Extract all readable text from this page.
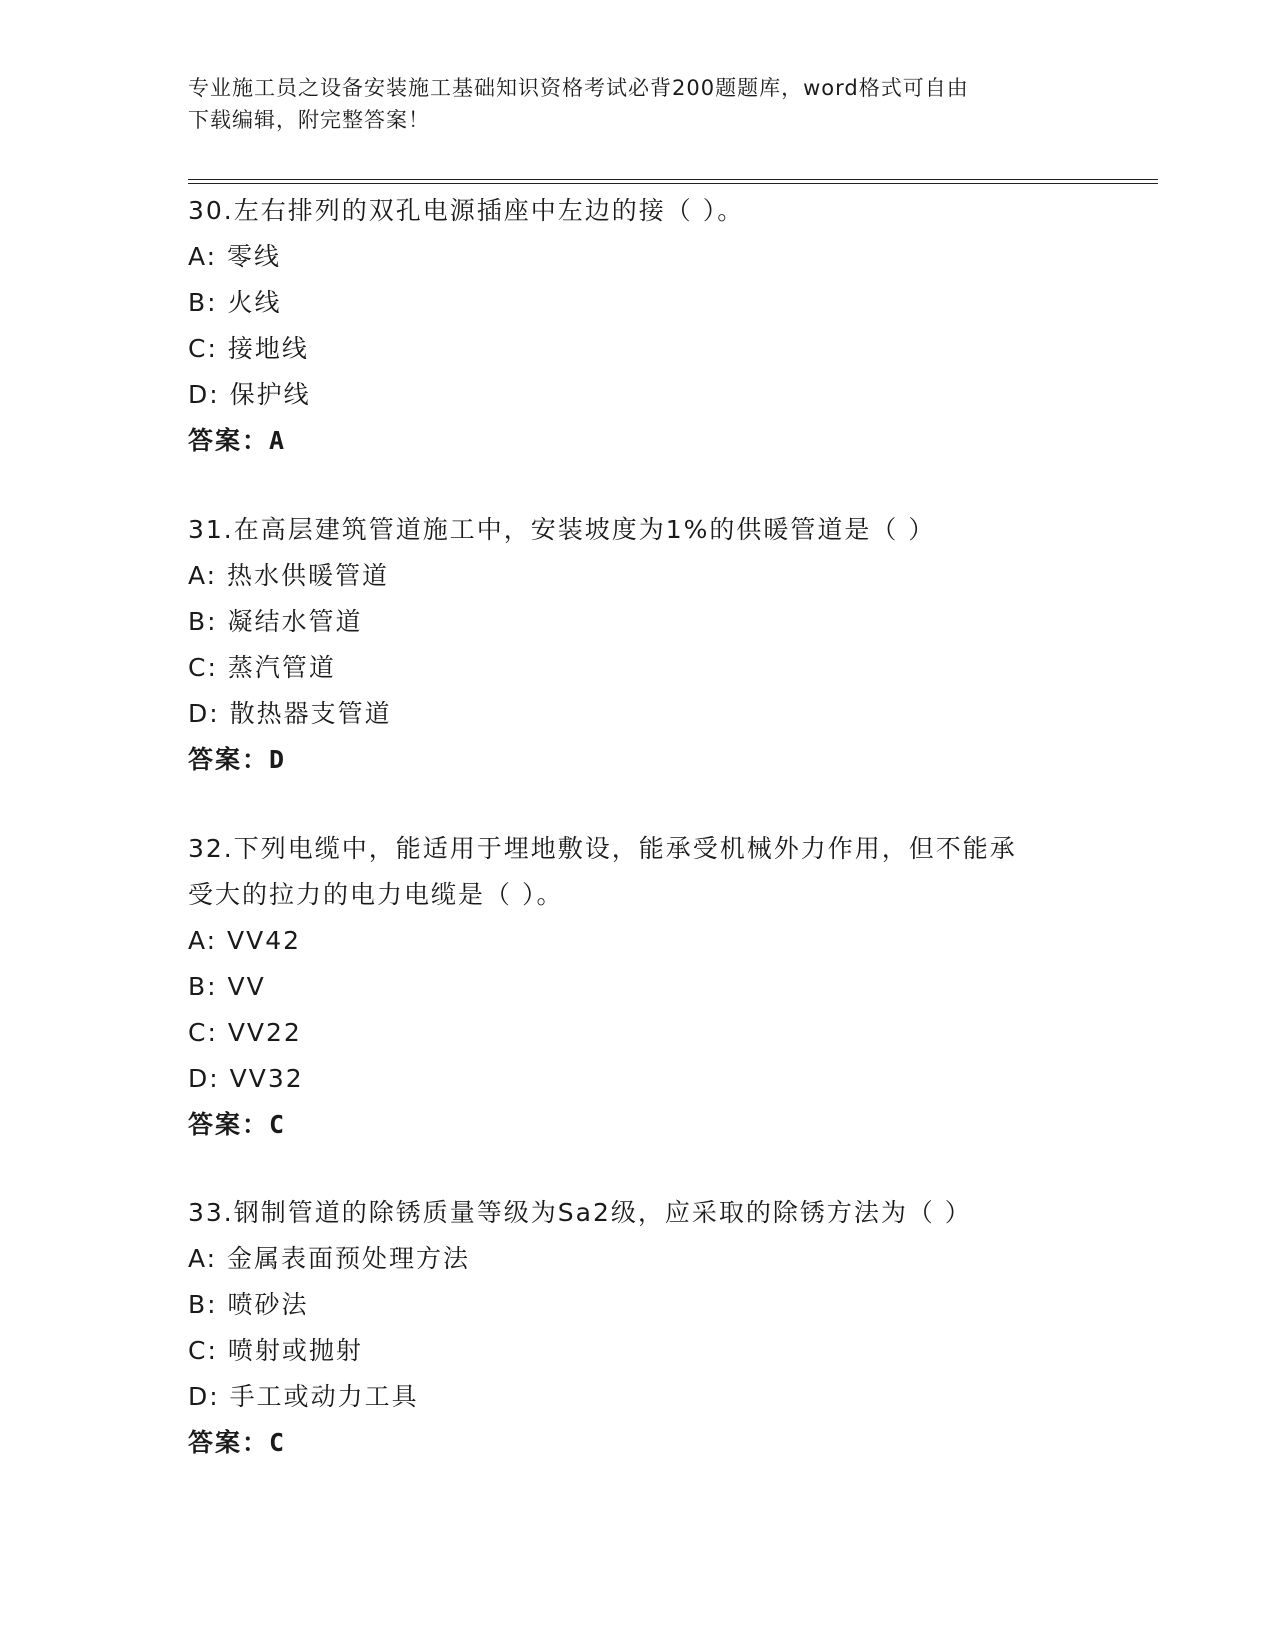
专业施工员之设备安装施工基础知识资格考试必背200题题库，word格式可自由
下载编辑，附完整答案！
30.左右排列的双孔电源插座中左边的接（ ）。
A: 零线
B: 火线
C: 接地线
D: 保护线
答案：A
31.在高层建筑管道施工中，安装坡度为1%的供暖管道是（ ）
A: 热水供暖管道
B: 凝结水管道
C: 蒸汽管道
D: 散热器支管道
答案：D
32.下列电缆中，能适用于埋地敷设，能承受机械外力作用，但不能承
受大的拉力的电力电缆是（ ）。
A: VV42
B: VV
C: VV22
D: VV32
答案：C
33.钢制管道的除锈质量等级为Sa2级，应采取的除锈方法为（ ）
A: 金属表面预处理方法
B: 喷砂法
C: 喷射或抛射
D: 手工或动力工具
答案：C
